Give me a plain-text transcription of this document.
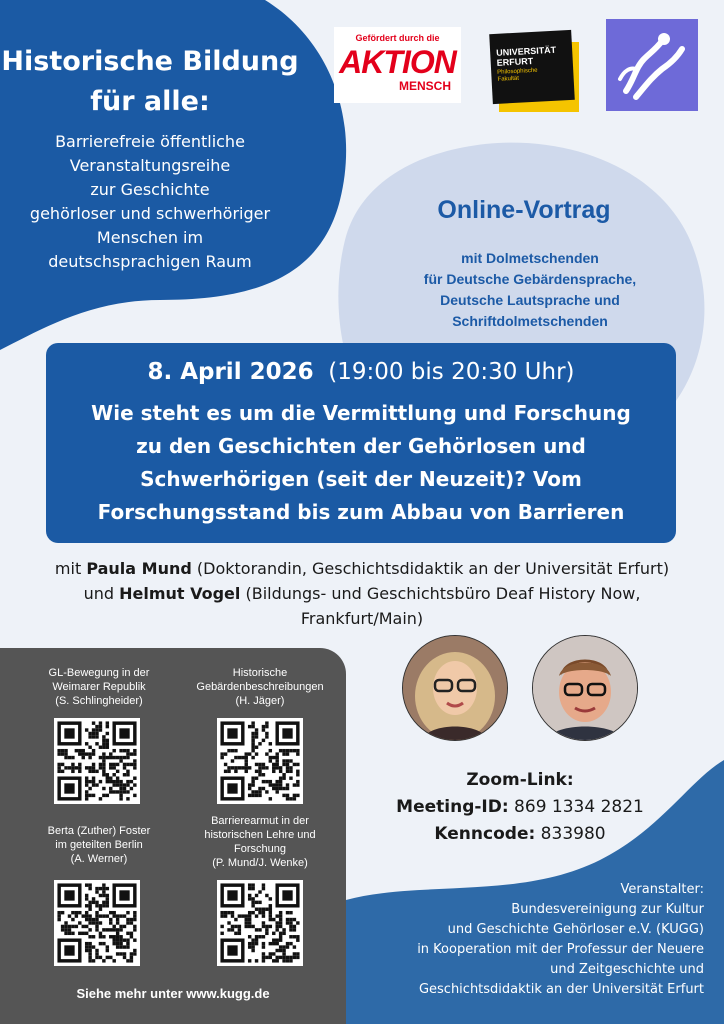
Historische Bildung
für alle:
Barrierefreie öffentliche
Veranstaltungsreihe
zur Geschichte
gehörloser und schwerhöriger
Menschen im
deutschsprachigen Raum
Gefördert durch die
AKTION
MENSCH
UNIVERSITÄT
ERFURT
Philosophische
Fakultät
Online-Vortrag
mit Dolmetschenden
für Deutsche Gebärdensprache,
Deutsche Lautsprache und
Schriftdolmetschenden
8. April 2026 (19:00 bis 20:30 Uhr)
Wie steht es um die Vermittlung und Forschung
zu den Geschichten der Gehörlosen und
Schwerhörigen (seit der Neuzeit)? Vom
Forschungsstand bis zum Abbau von Barrieren
mit Paula Mund (Doktorandin, Geschichtsdidaktik an der Universität Erfurt)
und Helmut Vogel (Bildungs- und Geschichtsbüro Deaf History Now,
Frankfurt/Main)
GL-Bewegung in der
Weimarer Republik
(S. Schlingheider)
Historische
Gebärdenbeschreibungen
(H. Jäger)
Berta (Zuther) Foster
im geteilten Berlin
(A. Werner)
Barrierearmut in der
historischen Lehre und
Forschung
(P. Mund/J. Wenke)
Siehe mehr unter www.kugg.de
Zoom-Link:
Meeting-ID: 869 1334 2821
Kenncode: 833980
Veranstalter:
Bundesvereinigung zur Kultur
und Geschichte Gehörloser e.V. (KUGG)
in Kooperation mit der Professur der Neuere
und Zeitgeschichte und
Geschichtsdidaktik an der Universität Erfurt
